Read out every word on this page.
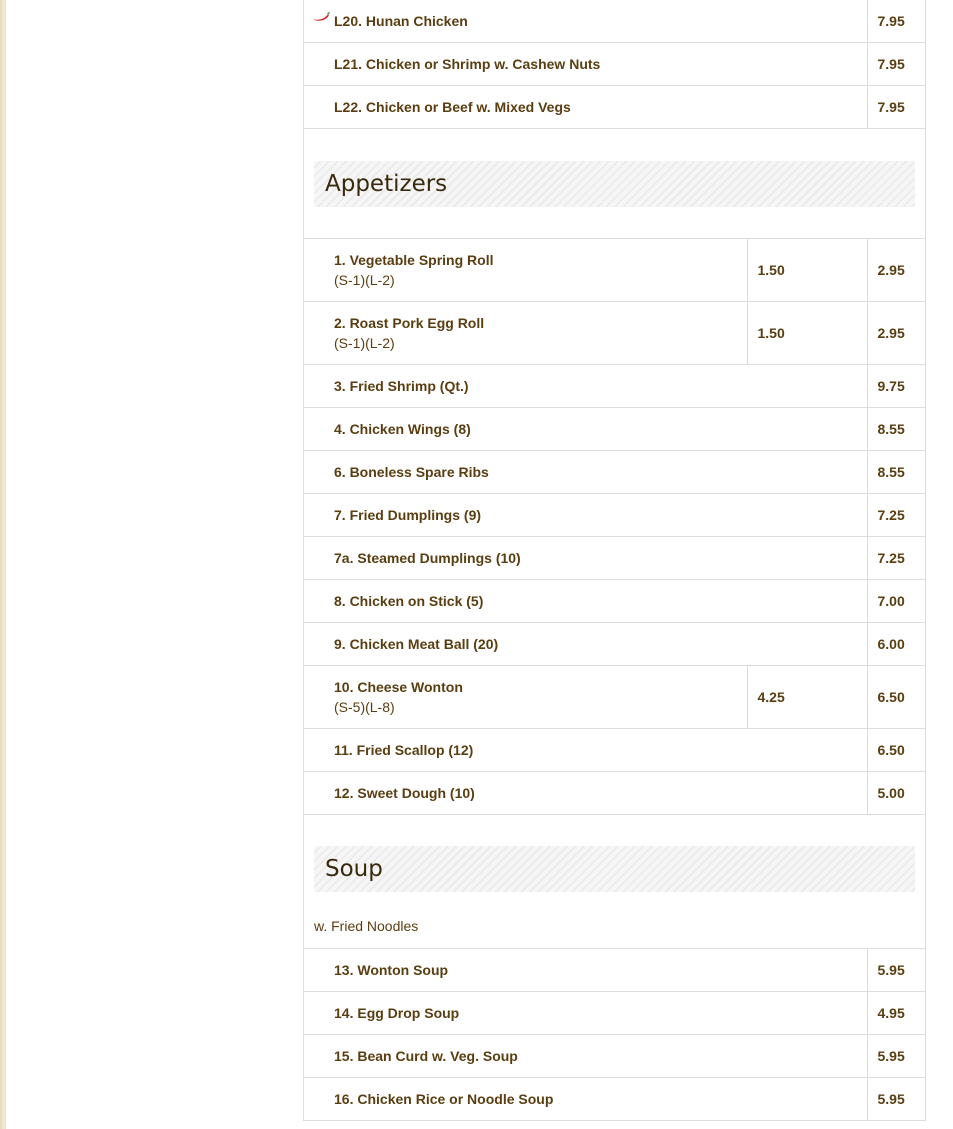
L20. Hunan Chicken	7.95

L21. Chicken or Shrimp w. Cashew Nuts	7.95

L22. Chicken or Beef w. Mixed Vegs	7.95
Appetizers
1. Vegetable Spring Roll
(S-1)(L-2)	1.50	2.95

2. Roast Pork Egg Roll
(S-1)(L-2)	1.50	2.95

3. Fried Shrimp (Qt.)		9.75

4. Chicken Wings (8)		8.55

6. Boneless Spare Ribs		8.55

7. Fried Dumplings (9)		7.25

7a. Steamed Dumplings (10)		7.25

8. Chicken on Stick (5)		7.00

9. Chicken Meat Ball (20)		6.00

10. Cheese Wonton
(S-5)(L-8)	4.25	6.50

11. Fried Scallop (12)		6.50

12. Sweet Dough (10)		5.00
Soup
w. Fried Noodles
13. Wonton Soup	5.95

14. Egg Drop Soup	4.95

15. Bean Curd w. Veg. Soup	5.95

16. Chicken Rice or Noodle Soup	5.95
